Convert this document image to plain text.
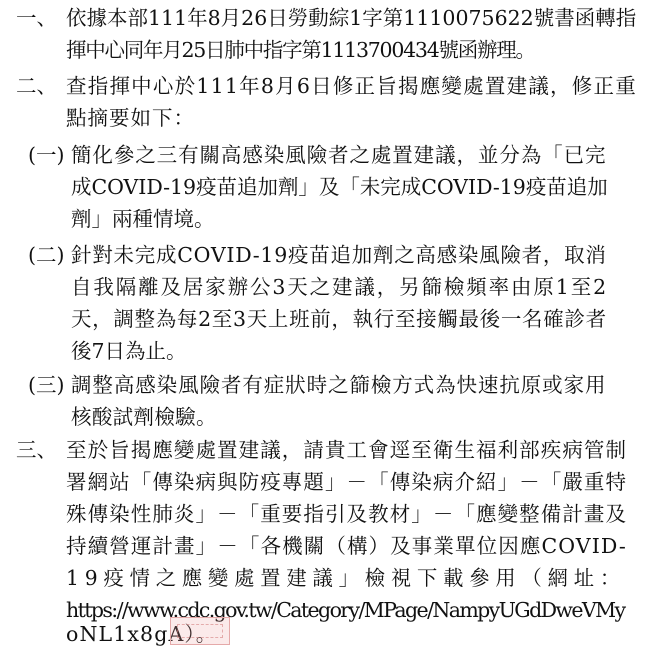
一、 依據本部111年8月26日勞動綜1字第1110075622號書函轉指
揮中心同年月25日肺中指字第1113700434號函辦理。
二、 查指揮中心於111年8月6日修正旨揭應變處置建議，修正重
點摘要如下：
(一) 簡化參之三有關高感染風險者之處置建議，並分為「已完
成COVID-19疫苗追加劑」及「未完成COVID-19疫苗追加
劑」兩種情境。
(二) 針對未完成COVID-19疫苗追加劑之高感染風險者，取消
自我隔離及居家辦公3天之建議，另篩檢頻率由原1至2
天，調整為每2至3天上班前，執行至接觸最後一名確診者
後7日為止。
(三) 調整高感染風險者有症狀時之篩檢方式為快速抗原或家用
核酸試劑檢驗。
三、 至於旨揭應變處置建議，請貴工會逕至衛生福利部疾病管制
署網站「傳染病與防疫專題」－「傳染病介紹」－「嚴重特
殊傳染性肺炎」－「重要指引及教材」－「應變整備計畫及
持續營運計畫」－「各機關（構）及事業單位因應COVID-
19疫情之應變處置建議」檢視下載參用（網址：
https://www.cdc.gov.tw/Category/MPage/NampyUGdDweVMy
oNL1x8gA）。
